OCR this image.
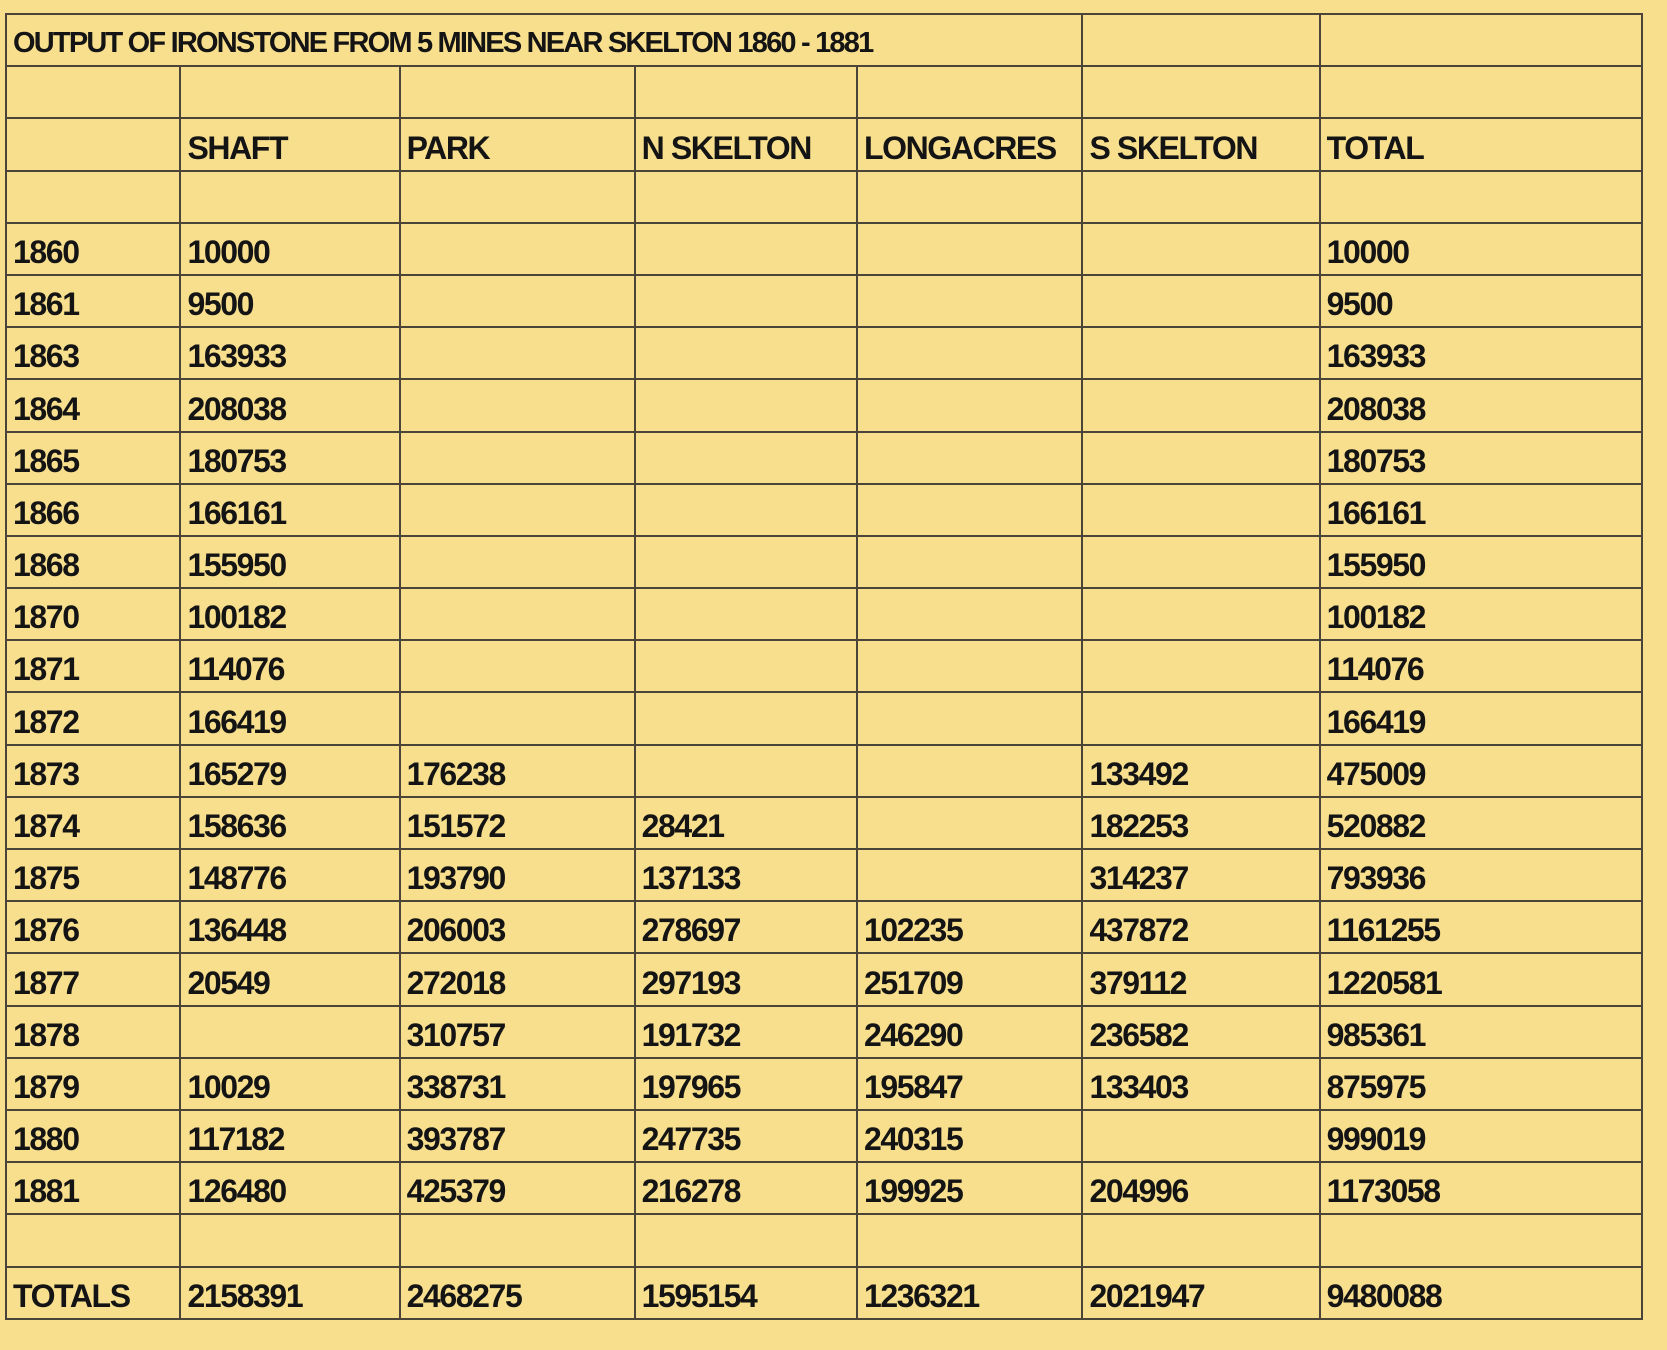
OUTPUT OF IRONSTONE FROM 5 MINES NEAR SKELTON 1860 - 1881						

	SHAFT	PARK	N SKELTON	LONGACRES	S SKELTON	TOTAL

1860	10000					10000
1861	9500					9500
1863	163933					163933
1864	208038					208038
1865	180753					180753
1866	166161					166161
1868	155950					155950
1870	100182					100182
1871	114076					114076
1872	166419					166419
1873	165279	176238			133492	475009
1874	158636	151572	28421		182253	520882
1875	148776	193790	137133		314237	793936
1876	136448	206003	278697	102235	437872	1161255
1877	20549	272018	297193	251709	379112	1220581
1878		310757	191732	246290	236582	985361
1879	10029	338731	197965	195847	133403	875975
1880	117182	393787	247735	240315		999019
1881	126480	425379	216278	199925	204996	1173058

TOTALS	2158391	2468275	1595154	1236321	2021947	9480088
